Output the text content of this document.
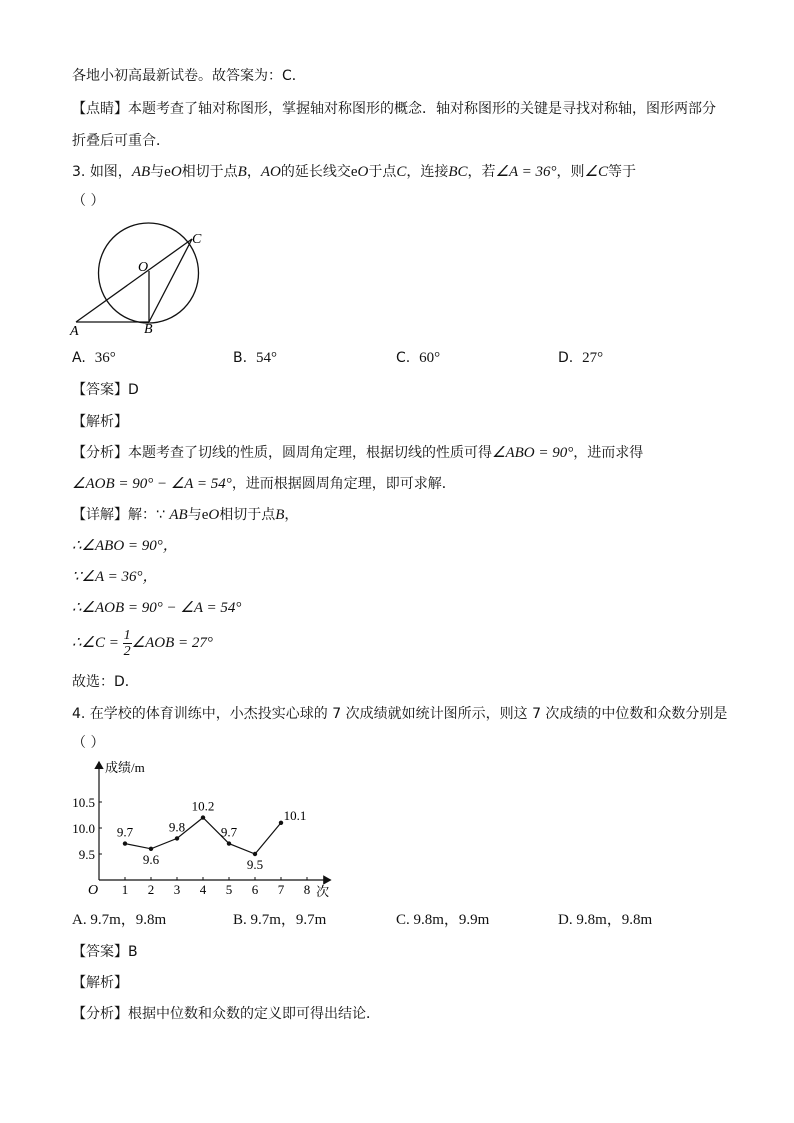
各地小初高最新试卷。故答案为：C．
【点睛】本题考查了轴对称图形，掌握轴对称图形的概念．轴对称图形的关键是寻找对称轴，图形两部分
折叠后可重合．
3. 如图，AB与eO相切于点B，AO的延长线交eO于点C，连接BC，若∠A = 36°，则∠C等于
（ ）
O
C
A	B
A. 36°	B. 54°	C. 60°	D. 27°
【答案】D
【解析】
【分析】本题考查了切线的性质，圆周角定理，根据切线的性质可得∠ABO = 90°，进而求得
∠AOB = 90° − ∠A = 54°，进而根据圆周角定理，即可求解．
【详解】解：∵ AB与eO相切于点B，
∴∠ABO = 90°，
∵∠A = 36°，
∴∠AOB = 90° − ∠A = 54°
∴∠C = $\frac{1}{2}$ ∠AOB = 27°
故选：D．
4. 在学校的体育训练中，小杰投实心球的 7 次成绩就如统计图所示，则这 7 次成绩的中位数和众数分别是
（ ）
成绩/m
次
O 1 2 3 4 5 6 7 8
9.5
10.0
10.5
9.7
9.6
9.8
10.2
9.7
9.5
10.1
A. 9.7m，9.8m	B. 9.7m，9.7m	C. 9.8m，9.9m	D. 9.8m，9.8m
【答案】B
【解析】
【分析】根据中位数和众数的定义即可得出结论．
